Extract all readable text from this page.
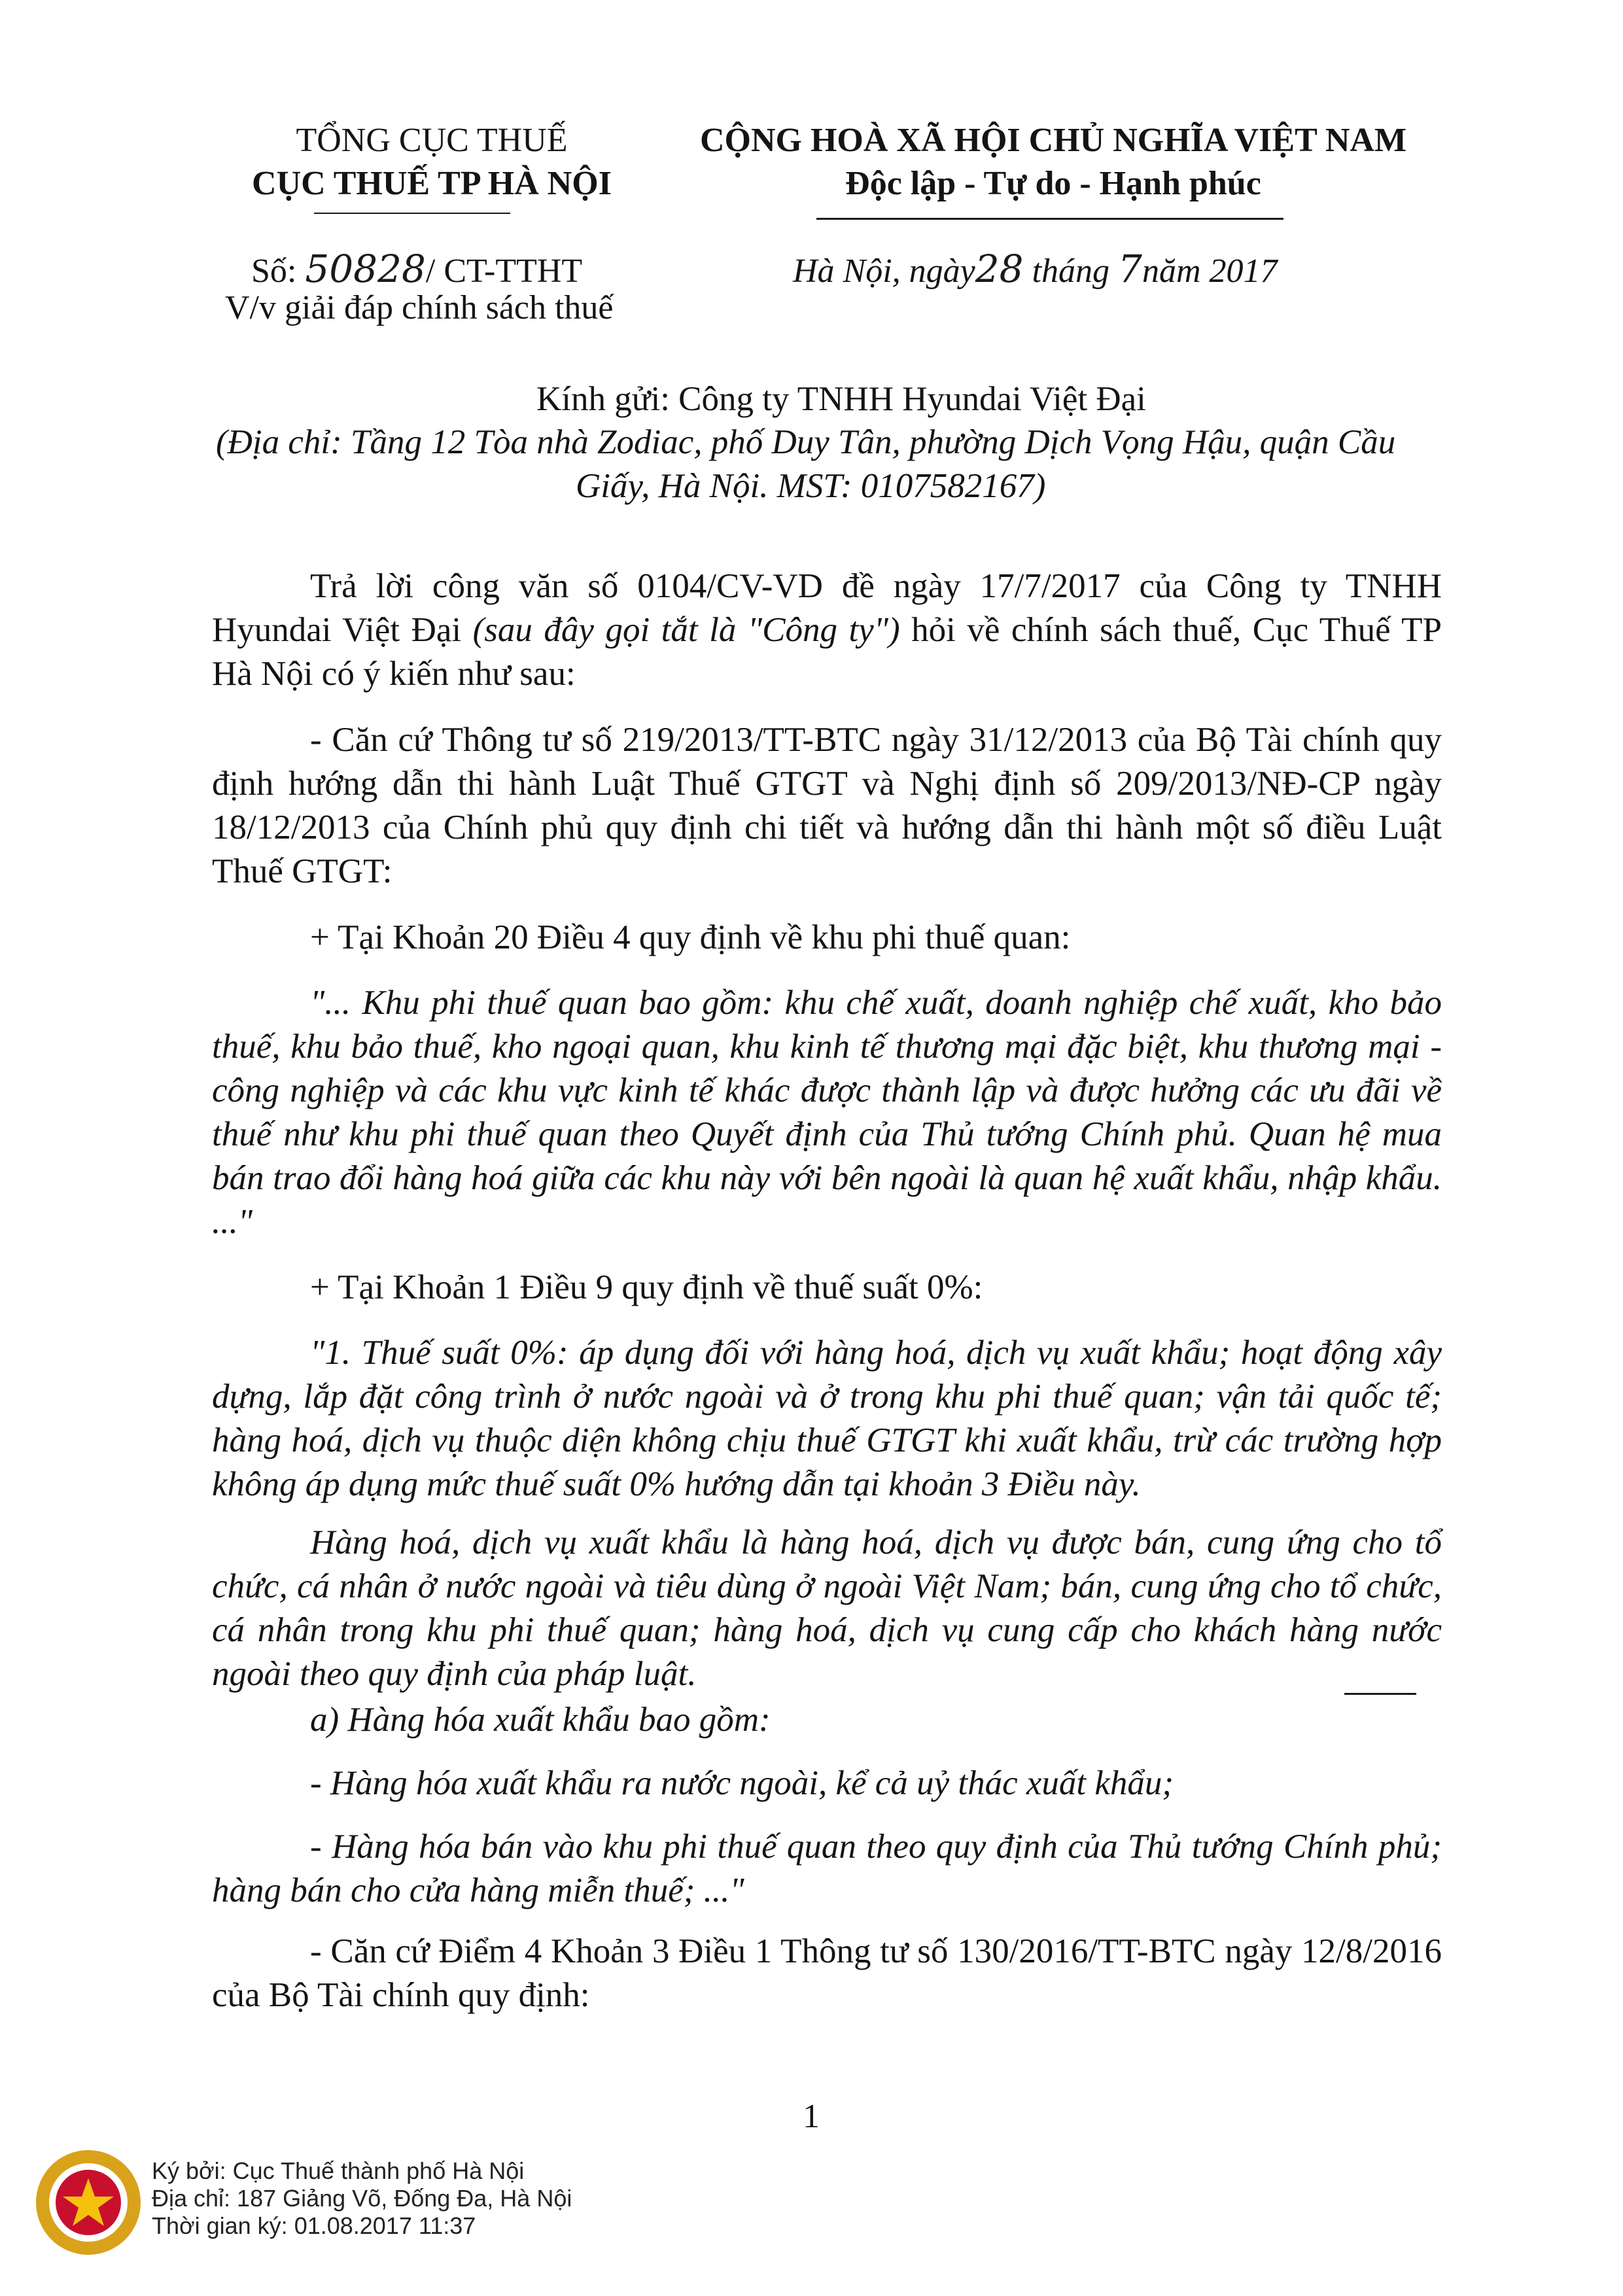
TỔNG CỤC THUẾ
CỤC THUẾ TP HÀ NỘI
Số: 50828/ CT-TTHT
V/v giải đáp chính sách thuế
CỘNG HOÀ XÃ HỘI CHỦ NGHĨA VIỆT NAM
Độc lập - Tự do - Hạnh phúc
Hà Nội, ngày28 tháng 7năm 2017
Kính gửi: Công ty TNHH Hyundai Việt Đại
(Địa chỉ: Tầng 12 Tòa nhà Zodiac, phố Duy Tân, phường Dịch Vọng Hậu, quận Cầu
Giấy, Hà Nội. MST: 0107582167)
Trả lời công văn số 0104/CV-VD đề ngày 17/7/2017 của Công ty TNHH Hyundai Việt Đại (sau đây gọi tắt là "Công ty") hỏi về chính sách thuế, Cục Thuế TP Hà Nội có ý kiến như sau:
- Căn cứ Thông tư số 219/2013/TT-BTC ngày 31/12/2013 của Bộ Tài chính quy định hướng dẫn thi hành Luật Thuế GTGT và Nghị định số 209/2013/NĐ-CP ngày 18/12/2013 của Chính phủ quy định chi tiết và hướng dẫn thi hành một số điều Luật Thuế GTGT:
+ Tại Khoản 20 Điều 4 quy định về khu phi thuế quan:
"... Khu phi thuế quan bao gồm: khu chế xuất, doanh nghiệp chế xuất, kho bảo thuế, khu bảo thuế, kho ngoại quan, khu kinh tế thương mại đặc biệt, khu thương mại - công nghiệp và các khu vực kinh tế khác được thành lập và được hưởng các ưu đãi về thuế như khu phi thuế quan theo Quyết định của Thủ tướng Chính phủ. Quan hệ mua bán trao đổi hàng hoá giữa các khu này với bên ngoài là quan hệ xuất khẩu, nhập khẩu. ..."
+ Tại Khoản 1 Điều 9 quy định về thuế suất 0%:
"1. Thuế suất 0%: áp dụng đối với hàng hoá, dịch vụ xuất khẩu; hoạt động xây dựng, lắp đặt công trình ở nước ngoài và ở trong khu phi thuế quan; vận tải quốc tế; hàng hoá, dịch vụ thuộc diện không chịu thuế GTGT khi xuất khẩu, trừ các trường hợp không áp dụng mức thuế suất 0% hướng dẫn tại khoản 3 Điều này.
Hàng hoá, dịch vụ xuất khẩu là hàng hoá, dịch vụ được bán, cung ứng cho tổ chức, cá nhân ở nước ngoài và tiêu dùng ở ngoài Việt Nam; bán, cung ứng cho tổ chức, cá nhân trong khu phi thuế quan; hàng hoá, dịch vụ cung cấp cho khách hàng nước ngoài theo quy định của pháp luật.
a) Hàng hóa xuất khẩu bao gồm:
- Hàng hóa xuất khẩu ra nước ngoài, kể cả uỷ thác xuất khẩu;
- Hàng hóa bán vào khu phi thuế quan theo quy định của Thủ tướng Chính phủ; hàng bán cho cửa hàng miễn thuế; ..."
- Căn cứ Điểm 4 Khoản 3 Điều 1 Thông tư số 130/2016/TT-BTC ngày 12/8/2016 của Bộ Tài chính quy định:
1
Ký bởi: Cục Thuế thành phố Hà Nội
Địa chỉ: 187 Giảng Võ, Đống Đa, Hà Nội
Thời gian ký: 01.08.2017 11:37
